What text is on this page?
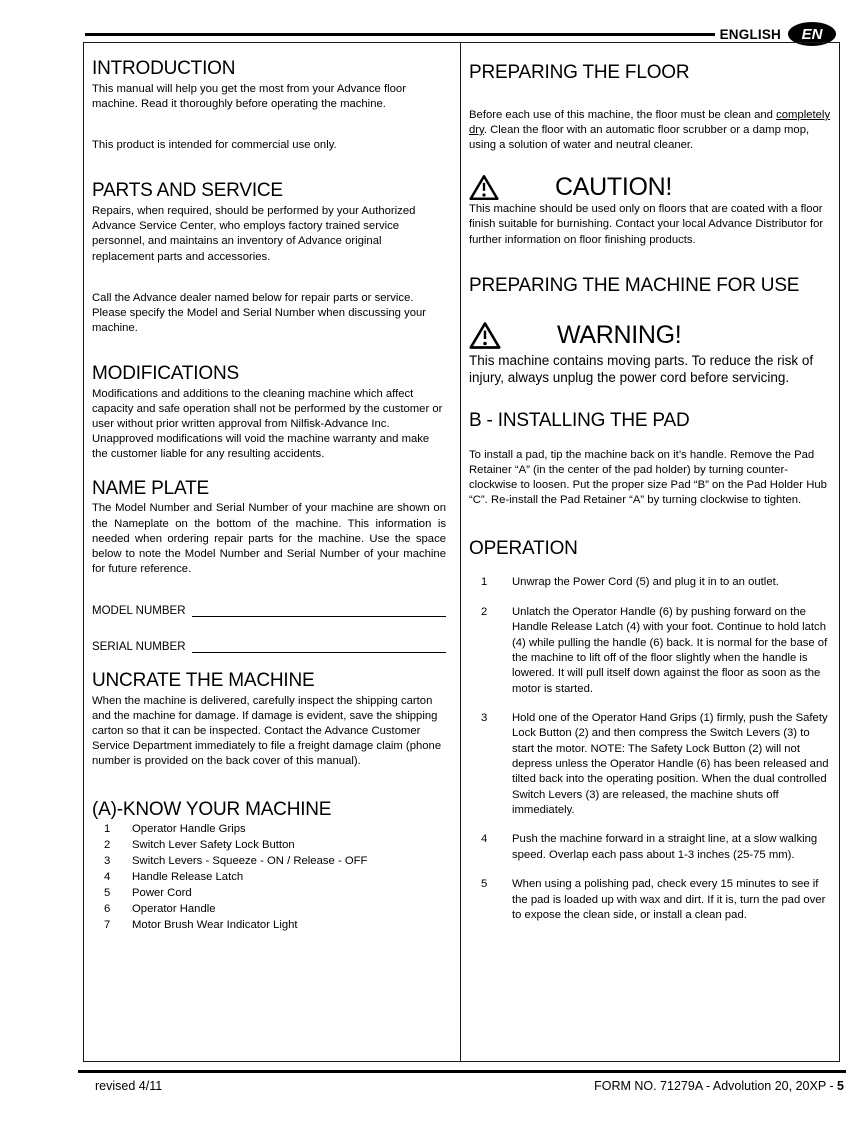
ENGLISH	EN
INTRODUCTION

This manual will help you get the most from your Advance floor machine. Read it thoroughly before operating the machine.

This product is intended for commercial use only.

PARTS AND SERVICE

Repairs, when required, should be performed by your Authorized Advance Service Center, who employs factory trained service personnel, and maintains an inventory of Advance original replacement parts and accessories.

Call the Advance dealer named below for repair parts or service. Please specify the Model and Serial Number when discussing your machine.

MODIFICATIONS

Modifications and additions to the cleaning machine which affect capacity and safe operation shall not be performed by the customer or user without prior written approval from Nilfisk-Advance Inc. Unapproved modifications will void the machine warranty and make the customer liable for any resulting accidents.

NAME PLATE

The Model Number and Serial Number of your machine are shown on the Nameplate on the bottom of the machine. This information is needed when ordering repair parts for the machine. Use the space below to note the Model Number and Serial Number of your machine for future reference.

MODEL NUMBER
SERIAL NUMBER
UNCRATE THE MACHINE

When the machine is delivered, carefully inspect the shipping carton and the machine for damage. If damage is evident, save the shipping carton so that it can be inspected. Contact the Advance Customer Service Department immediately to file a freight damage claim (phone number is provided on the back cover of this manual).

(A)-KNOW YOUR MACHINE
1	Operator Handle Grips
2	Switch Lever Safety Lock Button
3	Switch Levers - Squeeze - ON / Release - OFF
4	Handle Release Latch
5	Power Cord
6	Operator Handle
7	Motor Brush Wear Indicator Light
PREPARING THE FLOOR

Before each use of this machine, the floor must be clean and completely dry. Clean the floor with an automatic floor scrubber or a damp mop, using a solution of water and neutral cleaner.

CAUTION!

This machine should be used only on floors that are coated with a floor finish suitable for burnishing. Contact your local Advance Distributor for further information on floor finishing products.

PREPARING THE MACHINE FOR USE
WARNING!

This machine contains moving parts. To reduce the risk of injury, always unplug the power cord before servicing.

B - INSTALLING THE PAD

To install a pad, tip the machine back on it’s handle. Remove the Pad Retainer “A” (in the center of the pad holder) by turning counter-clockwise to loosen. Put the proper size Pad “B” on the Pad Holder Hub “C”. Re-install the Pad Retainer “A” by turning clockwise to tighten.

OPERATION
1	Unwrap the Power Cord (5) and plug it in to an outlet.
2	Unlatch the Operator Handle (6) by pushing forward on the Handle Release Latch (4) with your foot. Continue to hold latch (4) while pulling the handle (6) back. It is normal for the base of the machine to lift off of the floor slightly when the handle is lowered. It will pull itself down against the floor as soon as the motor is started.
3	Hold one of the Operator Hand Grips (1) firmly, push the Safety Lock Button (2) and then compress the Switch Levers (3) to start the motor. NOTE: The Safety Lock Button (2) will not depress unless the Operator Handle (6) has been released and tilted back into the operating position. When the dual controlled Switch Levers (3) are released, the machine shuts off immediately.
4	Push the machine forward in a straight line, at a slow walking speed. Overlap each pass about 1-3 inches (25-75 mm).
5	When using a polishing pad, check every 15 minutes to see if the pad is loaded up with wax and dirt. If it is, turn the pad over to expose the clean side, or install a clean pad.
revised 4/11	FORM NO. 71279A - Advolution 20, 20XP - 5
